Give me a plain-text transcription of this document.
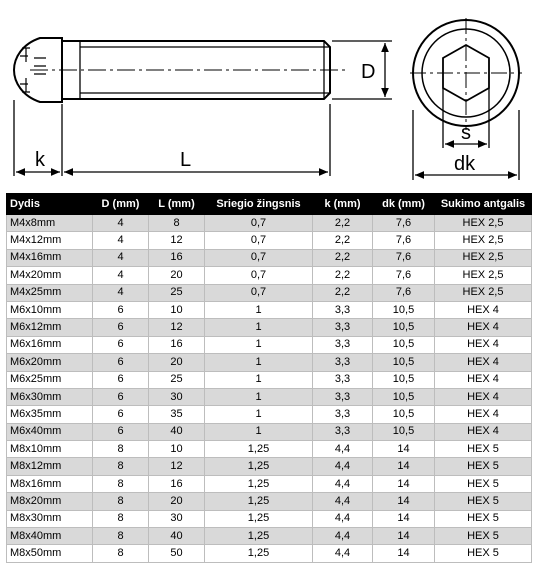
D
k	L
s
dk
Dydis	D (mm)	L (mm)	Sriegio žingsnis	k (mm)	dk (mm)	Sukimo antgalis
M4x8mm	4	8	0,7	2,2	7,6	HEX 2,5
M4x12mm	4	12	0,7	2,2	7,6	HEX 2,5
M4x16mm	4	16	0,7	2,2	7,6	HEX 2,5
M4x20mm	4	20	0,7	2,2	7,6	HEX 2,5
M4x25mm	4	25	0,7	2,2	7,6	HEX 2,5
M6x10mm	6	10	1	3,3	10,5	HEX 4
M6x12mm	6	12	1	3,3	10,5	HEX 4
M6x16mm	6	16	1	3,3	10,5	HEX 4
M6x20mm	6	20	1	3,3	10,5	HEX 4
M6x25mm	6	25	1	3,3	10,5	HEX 4
M6x30mm	6	30	1	3,3	10,5	HEX 4
M6x35mm	6	35	1	3,3	10,5	HEX 4
M6x40mm	6	40	1	3,3	10,5	HEX 4
M8x10mm	8	10	1,25	4,4	14	HEX 5
M8x12mm	8	12	1,25	4,4	14	HEX 5
M8x16mm	8	16	1,25	4,4	14	HEX 5
M8x20mm	8	20	1,25	4,4	14	HEX 5
M8x30mm	8	30	1,25	4,4	14	HEX 5
M8x40mm	8	40	1,25	4,4	14	HEX 5
M8x50mm	8	50	1,25	4,4	14	HEX 5
